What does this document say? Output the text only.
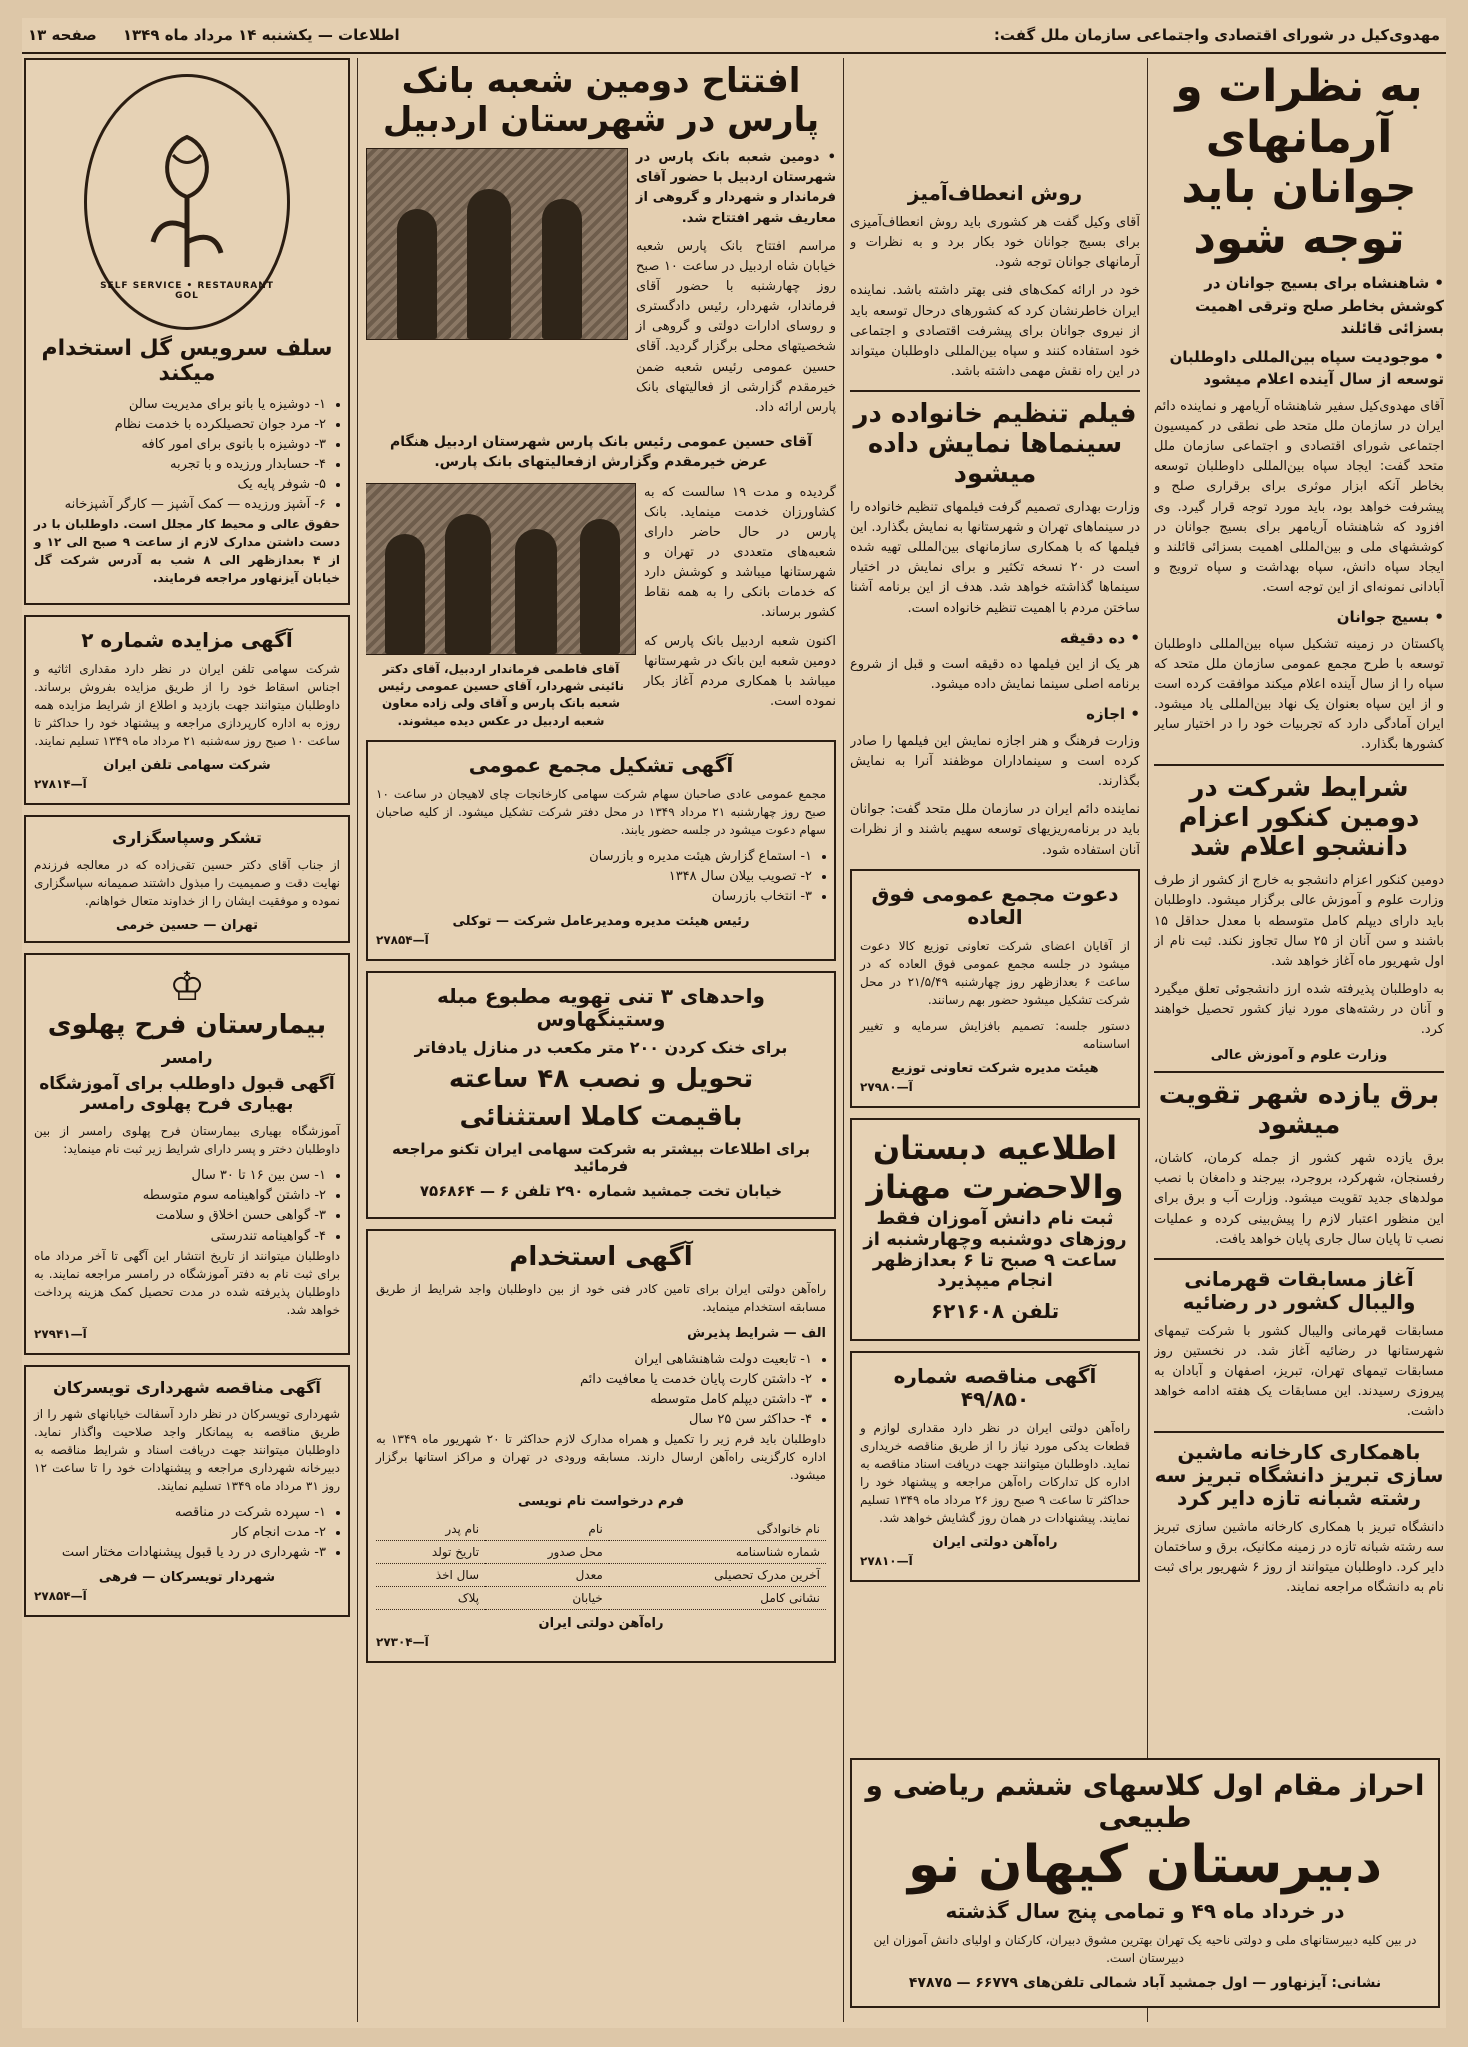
مهدوی‌کیل در شورای اقتصادی واجتماعی سازمان ملل گفت:
اطلاعات — یکشنبه ۱۴ مرداد ماه ۱۳۴۹     صفحه ۱۳
به نظرات و آرمانهای جوانان باید توجه شود
• شاهنشاه برای بسیج جوانان در کوشش بخاطر صلح وترقی اهمیت بسزائی قائلند
• موجودیت سپاه بین‌المللی داوطلبان توسعه از سال آینده اعلام میشود

آقای مهدوی‌کیل سفیر شاهنشاه آریامهر و نماینده دائم ایران در سازمان ملل متحد طی نطقی در کمیسیون اجتماعی شورای اقتصادی و اجتماعی سازمان ملل متحد گفت: ایجاد سپاه بین‌المللی داوطلبان توسعه بخاطر آنکه ابزار موثری برای برقراری صلح و پیشرفت خواهد بود، باید مورد توجه قرار گیرد. وی افزود که شاهنشاه آریامهر برای بسیج جوانان در کوششهای ملی و بین‌المللی اهمیت بسزائی قائلند و ایجاد سپاه دانش، سپاه بهداشت و سپاه ترویج و آبادانی نمونه‌ای از این توجه است.

• بسیج جوانان

پاکستان در زمینه تشکیل سپاه بین‌المللی داوطلبان توسعه با طرح مجمع عمومی سازمان ملل متحد که سپاه را از سال آینده اعلام میکند موافقت کرده است و از این سپاه بعنوان یک نهاد بین‌المللی یاد میشود. ایران آمادگی دارد که تجربیات خود را در اختیار سایر کشورها بگذارد.

شرایط شرکت در دومین کنکور اعزام دانشجو اعلام شد

دومین کنکور اعزام دانشجو به خارج از کشور از طرف وزارت علوم و آموزش عالی برگزار میشود. داوطلبان باید دارای دیپلم کامل متوسطه با معدل حداقل ۱۵ باشند و سن آنان از ۲۵ سال تجاوز نکند. ثبت نام از اول شهریور ماه آغاز خواهد شد.

به داوطلبان پذیرفته شده ارز دانشجوئی تعلق میگیرد و آنان در رشته‌های مورد نیاز کشور تحصیل خواهند کرد.

وزارت علوم و آموزش عالی
برق یازده شهر تقویت میشود

برق یازده شهر کشور از جمله کرمان، کاشان، رفسنجان، شهرکرد، بروجرد، بیرجند و دامغان با نصب مولدهای جدید تقویت میشود. وزارت آب و برق برای این منظور اعتبار لازم را پیش‌بینی کرده و عملیات نصب تا پایان سال جاری پایان خواهد یافت.

آغاز مسابقات قهرمانی والیبال کشور در رضائیه

مسابقات قهرمانی والیبال کشور با شرکت تیمهای شهرستانها در رضائیه آغاز شد. در نخستین روز مسابقات تیمهای تهران، تبریز، اصفهان و آبادان به پیروزی رسیدند. این مسابقات یک هفته ادامه خواهد داشت.

باهمکاری کارخانه ماشین سازی تبریز دانشگاه تبریز سه رشته شبانه تازه دایر کرد

دانشگاه تبریز با همکاری کارخانه ماشین سازی تبریز سه رشته شبانه تازه در زمینه مکانیک، برق و ساختمان دایر کرد. داوطلبان میتوانند از روز ۶ شهریور برای ثبت نام به دانشگاه مراجعه نمایند.

روش انعطاف‌آمیز

آقای وکیل گفت هر کشوری باید روش انعطاف‌آمیزی برای بسیج جوانان خود بکار برد و به نظرات و آرمانهای جوانان توجه شود.

خود در ارائه کمک‌های فنی بهتر داشته باشد. نماینده ایران خاطرنشان کرد که کشورهای درحال توسعه باید از نیروی جوانان برای پیشرفت اقتصادی و اجتماعی خود استفاده کنند و سپاه بین‌المللی داوطلبان میتواند در این راه نقش مهمی داشته باشد.

فیلم تنظیم خانواده در سینماها نمایش داده میشود

وزارت بهداری تصمیم گرفت فیلمهای تنظیم خانواده را در سینماهای تهران و شهرستانها به نمایش بگذارد. این فیلمها که با همکاری سازمانهای بین‌المللی تهیه شده است در ۲۰ نسخه تکثیر و برای نمایش در اختیار سینماها گذاشته خواهد شد. هدف از این برنامه آشنا ساختن مردم با اهمیت تنظیم خانواده است.

• ده دقیقه

هر یک از این فیلمها ده دقیقه است و قبل از شروع برنامه اصلی سینما نمایش داده میشود.

• اجازه

وزارت فرهنگ و هنر اجازه نمایش این فیلمها را صادر کرده است و سینماداران موظفند آنرا به نمایش بگذارند.

نماینده دائم ایران در سازمان ملل متحد گفت: جوانان باید در برنامه‌ریزیهای توسعه سهیم باشند و از نظرات آنان استفاده شود.

دعوت مجمع عمومی فوق العاده

از آقایان اعضای شرکت تعاونی توزیع کالا دعوت میشود در جلسه مجمع عمومی فوق العاده که در ساعت ۶ بعدازظهر روز چهارشنبه ۲۱/۵/۴۹ در محل شرکت تشکیل میشود حضور بهم رسانند.

دستور جلسه: تصمیم بافزایش سرمایه و تغییر اساسنامه

هیئت مدیره شرکت تعاونی توزیع
آ—۲۷۹۸۰
اطلاعیه دبستان
والاحضرت مهناز
ثبت نام دانش آموزان فقط روزهای دوشنبه وچهارشنبه از ساعت ۹ صبح تا ۶ بعدازظهر انجام میپذیرد
تلفن ۶۲۱۶۰۸
آگهی مناقصه شماره ۴۹/۸۵۰

راه‌آهن دولتی ایران در نظر دارد مقداری لوازم و قطعات یدکی مورد نیاز را از طریق مناقصه خریداری نماید. داوطلبان میتوانند جهت دریافت اسناد مناقصه به اداره کل تدارکات راه‌آهن مراجعه و پیشنهاد خود را حداکثر تا ساعت ۹ صبح روز ۲۶ مرداد ماه ۱۳۴۹ تسلیم نمایند. پیشنهادات در همان روز گشایش خواهد شد.

راه‌آهن دولتی ایران
آ—۲۷۸۱۰
افتتاح دومین شعبه بانک پارس در شهرستان اردبیل

• دومین شعبه بانک پارس در شهرستان اردبیل با حضور آقای فرماندار و شهردار و گروهی از معاریف شهر افتتاح شد.

مراسم افتتاح بانک پارس شعبه خیابان شاه اردبیل در ساعت ۱۰ صبح روز چهارشنبه با حضور آقای فرماندار، شهردار، رئیس دادگستری و روسای ادارات دولتی و گروهی از شخصیتهای محلی برگزار گردید. آقای حسین عمومی رئیس شعبه ضمن خیرمقدم گزارشی از فعالیتهای بانک پارس ارائه داد.

آقای حسین عمومی رئیس بانک پارس شهرستان اردبیل هنگام عرض خیرمقدم وگزارش ازفعالیتهای بانک پارس.

گردیده و مدت ۱۹ سالست که به کشاورزان خدمت مینماید. بانک پارس در حال حاضر دارای شعبه‌های متعددی در تهران و شهرستانها میباشد و کوشش دارد که خدمات بانکی را به همه نقاط کشور برساند.

اکنون شعبه اردبیل بانک پارس که دومین شعبه این بانک در شهرستانها میباشد با همکاری مردم آغاز بکار نموده است.

آقای فاطمی فرماندار اردبیل، آقای دکتر نائینی شهردار، آقای حسین عمومی رئیس شعبه بانک پارس و آقای ولی زاده معاون شعبه اردبیل در عکس دیده میشوند.
آگهی تشکیل مجمع عمومی

مجمع عمومی عادی صاحبان سهام شرکت سهامی کارخانجات چای لاهیجان در ساعت ۱۰ صبح روز چهارشنبه ۲۱ مرداد ۱۳۴۹ در محل دفتر شرکت تشکیل میشود. از کلیه صاحبان سهام دعوت میشود در جلسه حضور یابند.

• ۱- استماع گزارش هیئت مدیره و بازرسان
• ۲- تصویب بیلان سال ۱۳۴۸
• ۳- انتخاب بازرسان
رئیس هیئت مدیره ومدیرعامل شرکت — توکلی
آ—۲۷۸۵۴
واحدهای ۳ تنی تهویه مطبوع مبله وستینگهاوس
برای خنک کردن ۲۰۰ متر مکعب در منازل یادفاتر
تحویل و نصب ۴۸ ساعته
باقیمت کاملا استثنائی
برای اطلاعات بیشتر به شرکت سهامی ایران تکنو مراجعه فرمائید
خیابان تخت جمشید شماره ۲۹۰ تلفن ۶ — ۷۵۶۸۶۴
آگهی استخدام

راه‌آهن دولتی ایران برای تامین کادر فنی خود از بین داوطلبان واجد شرایط از طریق مسابقه استخدام مینماید.

الف — شرایط پذیرش
• ۱- تابعیت دولت شاهنشاهی ایران
• ۲- داشتن کارت پایان خدمت یا معافیت دائم
• ۳- داشتن دیپلم کامل متوسطه
• ۴- حداکثر سن ۲۵ سال

داوطلبان باید فرم زیر را تکمیل و همراه مدارک لازم حداکثر تا ۲۰ شهریور ماه ۱۳۴۹ به اداره کارگزینی راه‌آهن ارسال دارند. مسابقه ورودی در تهران و مراکز استانها برگزار میشود.

فرم درخواست نام نویسی
نام خانوادگی	نام	نام پدر
شماره شناسنامه	محل صدور	تاریخ تولد
آخرین مدرک تحصیلی	معدل	سال اخذ
نشانی کامل	خیابان	پلاک
راه‌آهن دولتی ایران
آ—۲۷۳۰۴
SELF SERVICE • RESTAURANT GOL
سلف سرویس گل استخدام میکند
• ۱- دوشیزه یا بانو برای مدیریت سالن
• ۲- مرد جوان تحصیلکرده با خدمت نظام
• ۳- دوشیزه با بانوی برای امور کافه
• ۴- حسابدار ورزیده و با تجربه
• ۵- شوفر پایه یک
• ۶- آشپز ورزیده — کمک آشپز — کارگر آشپزخانه

حقوق عالی و محیط کار مجلل است. داوطلبان با در دست داشتن مدارک لازم از ساعت ۹ صبح الی ۱۲ و از ۴ بعدازظهر الی ۸ شب به آدرس شرکت گل خیابان آیزنهاور مراجعه فرمایند.

آگهی مزایده شماره ۲

شرکت سهامی تلفن ایران در نظر دارد مقداری اثاثیه و اجناس اسقاط خود را از طریق مزایده بفروش برساند. داوطلبان میتوانند جهت بازدید و اطلاع از شرایط مزایده همه روزه به اداره کارپردازی مراجعه و پیشنهاد خود را حداکثر تا ساعت ۱۰ صبح روز سه‌شنبه ۲۱ مرداد ماه ۱۳۴۹ تسلیم نمایند.

شرکت سهامی تلفن ایران
آ—۲۷۸۱۴
تشکر وسپاسگزاری

از جناب آقای دکتر حسین تقی‌زاده که در معالجه فرزندم نهایت دقت و صمیمیت را مبذول داشتند صمیمانه سپاسگزاری نموده و موفقیت ایشان را از خداوند متعال خواهانم.

تهران — حسین خرمی
♔
بیمارستان فرح پهلوی
رامسر
آگهی قبول داوطلب برای آموزشگاه بهیاری فرح پهلوی رامسر

آموزشگاه بهیاری بیمارستان فرح پهلوی رامسر از بین داوطلبان دختر و پسر دارای شرایط زیر ثبت نام مینماید:

• ۱- سن بین ۱۶ تا ۳۰ سال
• ۲- داشتن گواهینامه سوم متوسطه
• ۳- گواهی حسن اخلاق و سلامت
• ۴- گواهینامه تندرستی

داوطلبان میتوانند از تاریخ انتشار این آگهی تا آخر مرداد ماه برای ثبت نام به دفتر آموزشگاه در رامسر مراجعه نمایند. به داوطلبان پذیرفته شده در مدت تحصیل کمک هزینه پرداخت خواهد شد.

آ—۲۷۹۴۱
آگهی مناقصه شهرداری تویسرکان

شهرداری تویسرکان در نظر دارد آسفالت خیابانهای شهر را از طریق مناقصه به پیمانکار واجد صلاحیت واگذار نماید. داوطلبان میتوانند جهت دریافت اسناد و شرایط مناقصه به دبیرخانه شهرداری مراجعه و پیشنهادات خود را تا ساعت ۱۲ روز ۳۱ مرداد ماه ۱۳۴۹ تسلیم نمایند.

• ۱- سپرده شرکت در مناقصه
• ۲- مدت انجام کار
• ۳- شهرداری در رد یا قبول پیشنهادات مختار است
شهردار تویسرکان — فرهی
آ—۲۷۸۵۴
احراز مقام اول کلاسهای ششم ریاضی و طبیعی
دبیرستان کیهان نو
در خرداد ماه ۴۹ و تمامی پنج سال گذشته

در بین کلیه دبیرستانهای ملی و دولتی ناحیه یک تهران بهترین مشوق دبیران، کارکنان و اولیای دانش آموزان این دبیرستان است.

نشانی: آیزنهاور — اول جمشید آباد شمالی تلفن‌های ۶۶۷۷۹ — ۴۷۸۷۵
